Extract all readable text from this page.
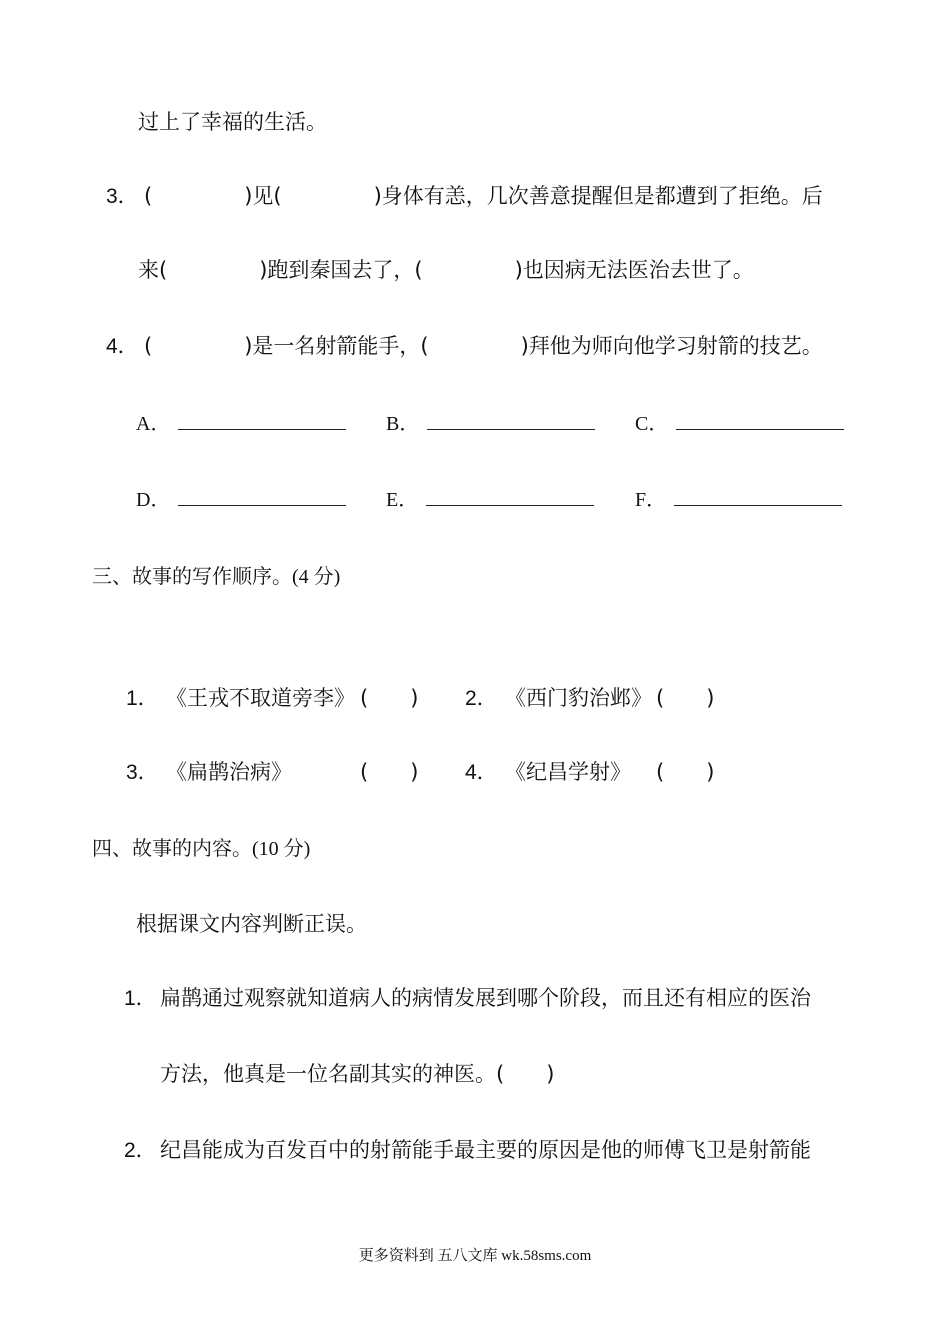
过上了幸福的生活。
3． (	)见(	)身体有恙，几次善意提醒但是都遭到了拒绝。后
来(	)跑到秦国去了，(	)也因病无法医治去世了。
4． (	)是一名射箭能手，(	)拜他为师向他学习射箭的技艺。
A．	B．	C．
D．	E．	F．
三、故事的写作顺序。(4 分)
1． 《王戎不取道旁李》 (　　) 2． 《西门豹治邺》 (　　)
3． 《扁鹊治病》	(　　) 4． 《纪昌学射》 (　　)
四、故事的内容。(10 分)
根据课文内容判断正误。
1． 扁鹊通过观察就知道病人的病情发展到哪个阶段，而且还有相应的医治
方法，他真是一位名副其实的神医。(　　)
2． 纪昌能成为百发百中的射箭能手最主要的原因是他的师傅飞卫是射箭能
更多资料到 五八文库 wk.58sms.com
